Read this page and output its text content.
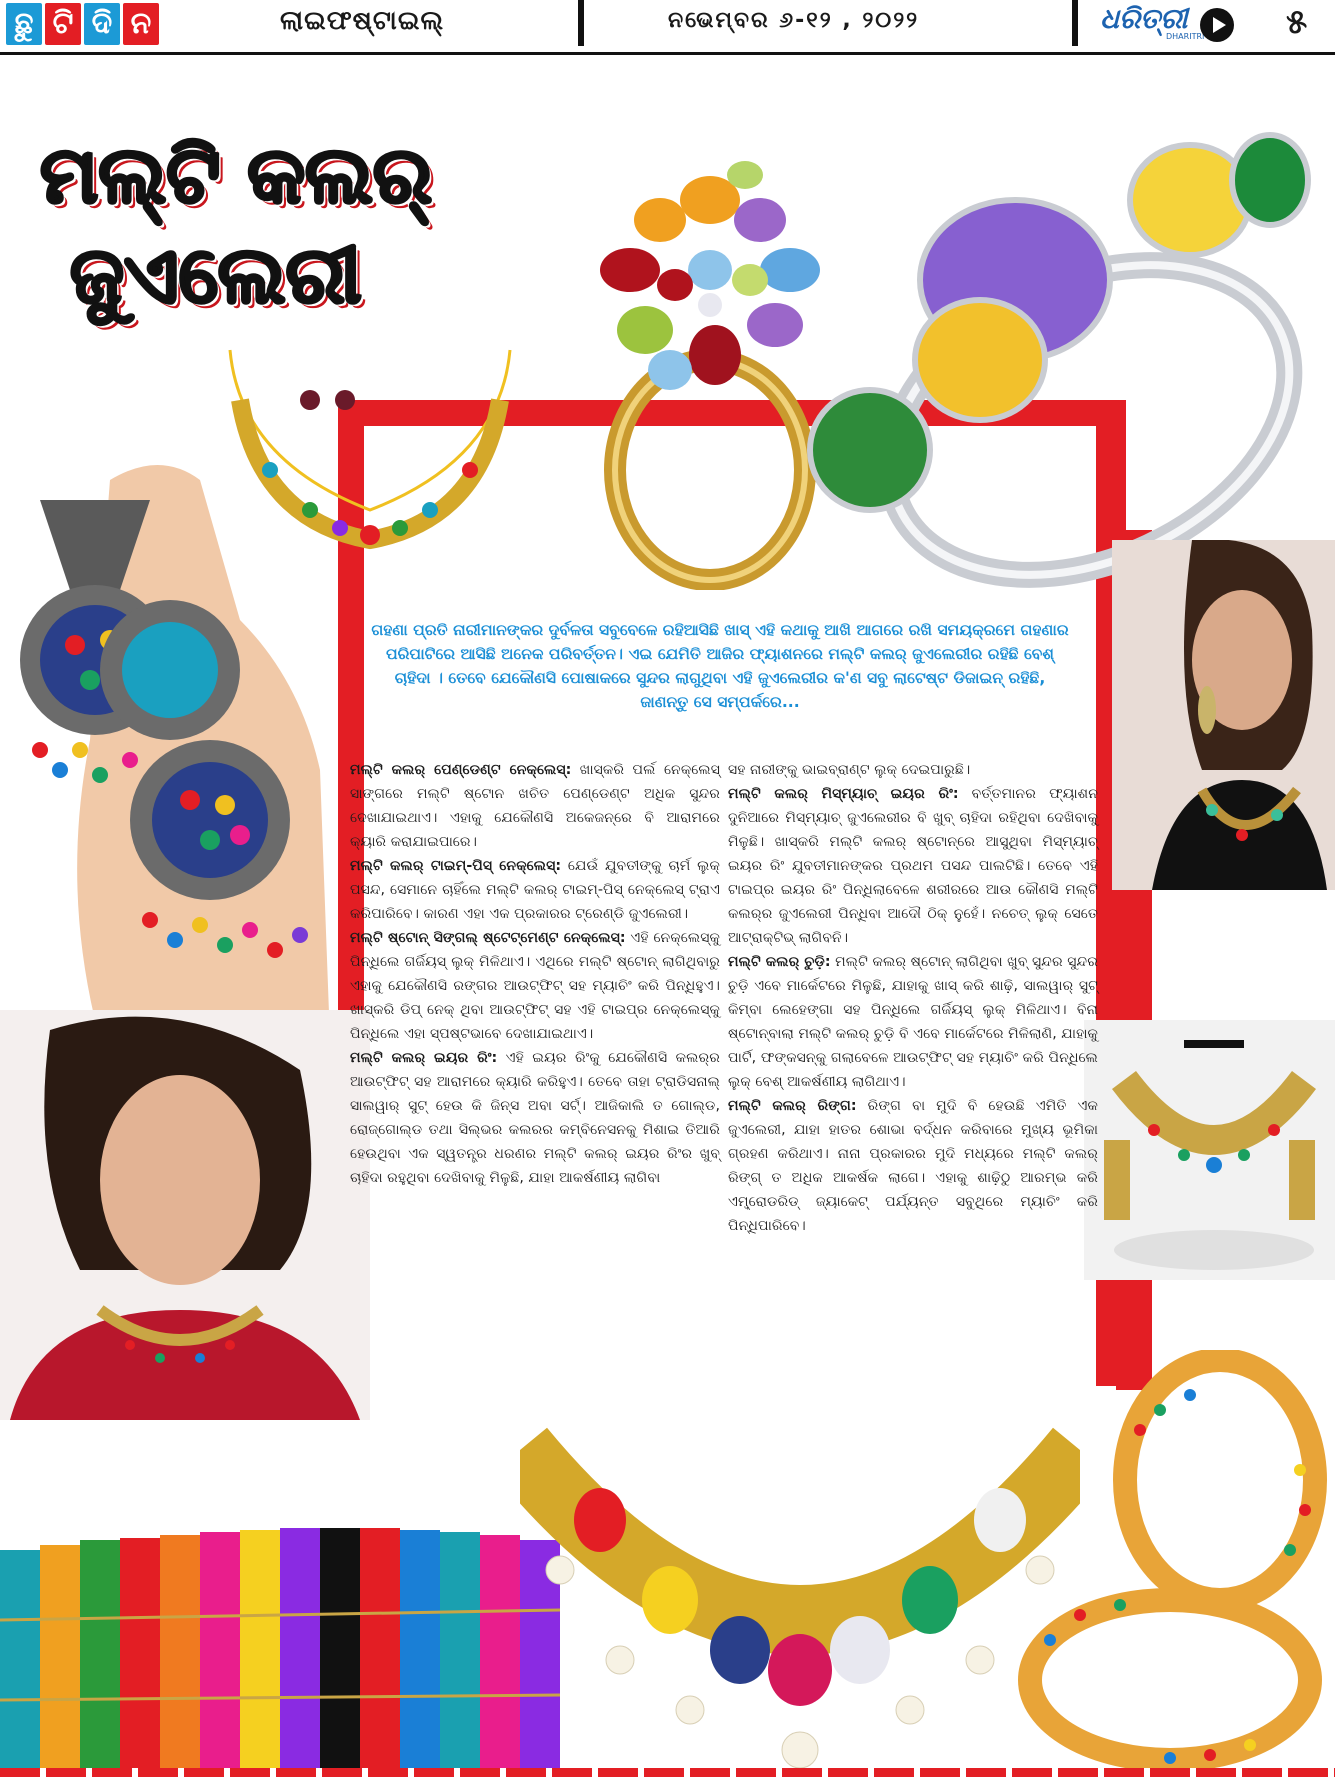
ଛୁ ଟି ଦି ନ	ଲାଇଫଷ୍ଟାଇଲ୍	ନଭେମ୍ବର ୬-୧୨ , ୨୦୨୨	ଧରିତ୍ରୀ
DHARITRI ୫
ମଲ୍ଟି କଲର୍
ଜୁଏଲେରୀ
ଗହଣା ପ୍ରତି ନାରୀମାନଙ୍କର ଦୁର୍ବଳତା ସବୁବେଳେ ରହିଆସିଛି ଖାସ୍ ଏହି କଥାକୁ ଆଖି ଆଗରେ ରଖି ସମୟକ୍ରମେ ଗହଣାର ପରିପାଟିରେ ଆସିଛି ଅନେକ ପରିବର୍ତ୍ତନ। ଏଇ ଯେମିତି ଆଜିର ଫ୍ୟାଶନରେ ମଲ୍ଟି କଲର୍ ଜୁଏଲେରୀର ରହିଛି ବେଶ୍ ଚାହିଦା । ତେବେ ଯେକୌଣସି ପୋଷାକରେ ସୁନ୍ଦର ଲାଗୁଥିବା ଏହି ଜୁଏଲେରୀର କ'ଣ ସବୁ ଲାଟେଷ୍ଟ ଡିଜାଇନ୍ ରହିଛି, ଜାଣନ୍ତୁ ସେ ସମ୍ପର୍କରେ...

ମଲ୍ଟି କଲର୍ ପେଣ୍ଡେଣ୍ଟ ନେକ୍ଲେସ୍: ଖାସ୍‌କରି ପର୍ଲ ନେକ୍ଲେସ୍ ସାଙ୍ଗରେ ମଲ୍ଟି ଷ୍ଟୋନ ଖଚିତ ପେଣ୍ଡେଣ୍ଟ ଅଧିକ ସୁନ୍ଦର ଦେଖାଯାଇଥାଏ। ଏହାକୁ ଯେକୌଣସି ଅକେଜନ୍‌ରେ ବି ଆରାମରେ କ୍ୟାରି କରାଯାଇପାରେ।

ମଲ୍ଟି କଲର୍ ଟାଇମ୍-ପିସ୍ ନେକ୍ଲେସ୍: ଯେଉଁ ଯୁବତୀଙ୍କୁ ଚାର୍ମ ଲୁକ୍ ପସନ୍ଦ, ସେମାନେ ଚାହିଁଲେ ମଲ୍ଟି କଲର୍ ଟାଇମ୍-ପିସ୍ ନେକ୍ଲେସ୍ ଟ୍ରାଏ କରିପାରିବେ। କାରଣ ଏହା ଏକ ପ୍ରକାରର ଟ୍ରେଣ୍ଡି ଜୁଏଲେରୀ।

ମଲ୍ଟି ଷ୍ଟୋନ୍ ସିଙ୍ଗଲ୍ ଷ୍ଟେଟ୍‌ମେଣ୍ଟ ନେକ୍ଲେସ୍: ଏହି ନେକ୍ଲେସ୍‌କୁ ପିନ୍ଧିଲେ ଗର୍ଜିୟସ୍ ଲୁକ୍ ମିଳିଥାଏ। ଏଥିରେ ମଲ୍ଟି ଷ୍ଟୋନ୍ ଲାଗିଥିବାରୁ ଏହାକୁ ଯେକୌଣସି ରଙ୍ଗର ଆଉଟ୍‌ଫିଟ୍ ସହ ମ୍ୟାଚିଂ କରି ପିନ୍ଧିହୁଏ। ଖାସ୍‌କରି ଡିପ୍ ନେକ୍ ଥିବା ଆଉଟ୍‌ଫିଟ୍ ସହ ଏହି ଟାଇପ୍‌ର ନେକ୍ଲେସ୍‌କୁ ପିନ୍ଧିଲେ ଏହା ସ୍ପଷ୍ଟଭାବେ ଦେଖାଯାଇଥାଏ।

ମଲ୍ଟି କଲର୍ ଇୟର ରିଂ: ଏହି ଇୟର ରିଂକୁ ଯେକୌଣସି କଲର୍‌ର ଆଉଟ୍‌ଫିଟ୍ ସହ ଆରାମରେ କ୍ୟାରି କରିହୁଏ। ତେବେ ତାହା ଟ୍ରାଡିସନାଲ୍ ସାଲୱାର୍ ସୁଟ୍ ହେଉ କି ଜିନ୍ସ ଅବା ସର୍ଟ୍। ଆଜିକାଲି ତ ଗୋଲ୍ଡ, ରୋଜ୍‌ଗୋଲ୍ଡ ତଥା ସିଲ୍‌ଭର କଲରର କମ୍ବିନେସନକୁ ମିଶାଇ ତିଆରି ହେଉଥିବା ଏକ ସ୍ୱତନ୍ତ୍ର ଧରଣର ମଲ୍ଟି କଲର୍ ଇୟର ରିଂର ଖୁବ୍ ଚାହିଦା ରହୁଥିବା ଦେଖିବାକୁ ମିଳୁଛି, ଯାହା ଆକର୍ଷଣୀୟ ଲାଗିବା

ସହ ନାରୀଙ୍କୁ ଭାଇବ୍ରାଣ୍ଟ ଲୁକ୍ ଦେଇପାରୁଛି।

ମଲ୍ଟି କଲର୍ ମିସ୍‌ମ୍ୟାଚ୍ ଇୟର ରିଂ: ବର୍ତ୍ତମାନର ଫ୍ୟାଶନ ଦୁନିଆରେ ମିସ୍‌ମ୍ୟାଚ୍ ଜୁଏଲେରୀର ବି ଖୁବ୍ ଚାହିଦା ରହିଥିବା ଦେଖିବାକୁ ମିଳୁଛି। ଖାସ୍‌କରି ମଲ୍ଟି କଲର୍ ଷ୍ଟୋନ୍‌ରେ ଆସୁଥିବା ମିସ୍‌ମ୍ୟାଚ୍ ଇୟର ରିଂ ଯୁବତୀମାନଙ୍କର ପ୍ରଥମ ପସନ୍ଦ ପାଲଟିଛି। ତେବେ ଏହି ଟାଇପ୍‌ର ଇୟର ରିଂ ପିନ୍ଧିଲାବେଳେ ଶରୀରରେ ଆଉ କୌଣସି ମଲ୍ଟି କଲର୍‌ର ଜୁଏଲେରୀ ପିନ୍ଧିବା ଆଦୌ ଠିକ୍ ନୁହେଁ। ନଚେତ୍ ଲୁକ୍ ସେତେ ଆଟ୍ରାକ୍ଟିଭ୍ ଲାଗିବନି।

ମଲ୍ଟି କଲର୍ ଚୁଡ଼ି: ମଲ୍ଟି କଲର୍ ଷ୍ଟୋନ୍ ଲାଗିଥିବା ଖୁବ୍ ସୁନ୍ଦର ସୁନ୍ଦର ଚୁଡ଼ି ଏବେ ମାର୍କେଟରେ ମିଳୁଛି, ଯାହାକୁ ଖାସ୍ କରି ଶାଢ଼ି, ସାଲୱାର୍ ସୁଟ୍ କିମ୍ବା ଲେହେଙ୍ଗା ସହ ପିନ୍ଧିଲେ ଗର୍ଜିୟସ୍ ଲୁକ୍ ମିଳିଥାଏ। ବିନା ଷ୍ଟୋନ୍‌ବାଲା ମଲ୍ଟି କଲର୍ ଚୁଡ଼ି ବି ଏବେ ମାର୍କେଟରେ ମିଳିଲାଣି, ଯାହାକୁ ପାର୍ଟି, ଫଙ୍କସନ୍‌କୁ ଗଲାବେଳେ ଆଉଟ୍‌ଫିଟ୍ ସହ ମ୍ୟାଚିଂ କରି ପିନ୍ଧିଲେ ଲୁକ୍ ବେଶ୍ ଆକର୍ଷଣୀୟ ଲାଗିଥାଏ।

ମଲ୍ଟି କଲର୍ ରିଙ୍ଗ: ରିଙ୍ଗ ବା ମୁଦି ବି ହେଉଛି ଏମିତି ଏକ ଜୁଏଲେରୀ, ଯାହା ହାତର ଶୋଭା ବର୍ଦ୍ଧନ କରିବାରେ ମୁଖ୍ୟ ଭୂମିକା ଗ୍ରହଣ କରିଥାଏ। ନାନା ପ୍ରକାରର ମୁଦି ମଧ୍ୟରେ ମଲ୍ଟି କଲର୍ ରିଙ୍ଗ୍ ତ ଅଧିକ ଆକର୍ଷକ ଲାଗେ। ଏହାକୁ ଶାଢ଼ିଠୁ ଆରମ୍ଭ କରି ଏମ୍ବ୍ରୋଡରିଡ୍ ଜ୍ୟାକେଟ୍ ପର୍ଯ୍ୟନ୍ତ ସବୁଥିରେ ମ୍ୟାଚିଂ କରି ପିନ୍ଧିପାରିବେ।
